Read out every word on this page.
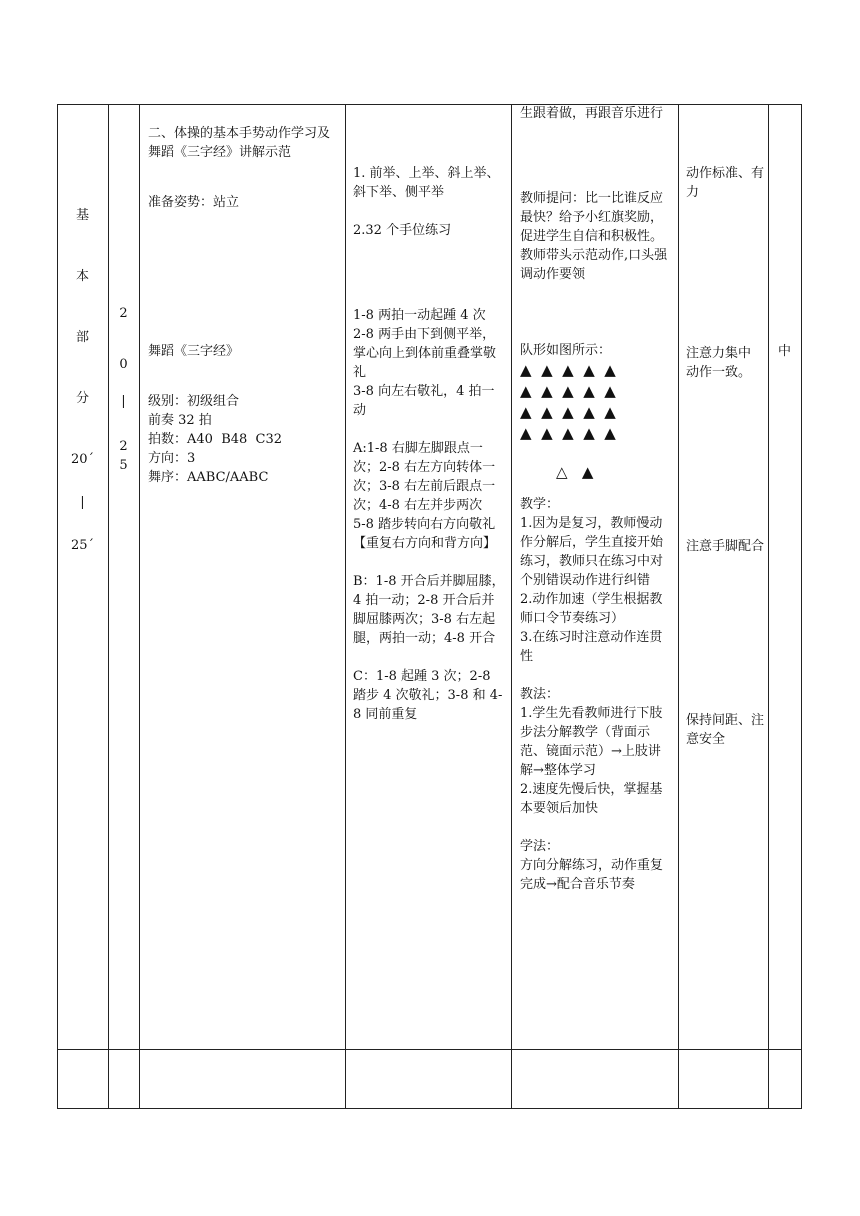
基

本

部

分

20´

|

25´

2

0

|

2

5

二、体操的基本手势动作学习及舞蹈《三字经》讲解示范

准备姿势：站立

舞蹈《三字经》

级别：初级组合

前奏 32 拍

拍数：A40  B48  C32

方向：3

舞序：AABC/AABC

1. 前举、上举、斜上举、斜下举、侧平举

2.32 个手位练习

1-8 两拍一动起踵 4 次
2-8 两手由下到侧平举，掌心向上到体前重叠掌敬礼
3-8 向左右敬礼，4 拍一动

A:1-8 右脚左脚跟点一次；2-8 右左方向转体一次；3-8 右左前后跟点一次；4-8 右左并步两次
5-8 踏步转向右方向敬礼【重复右方向和背方向】

B：1-8 开合后并脚屈膝，4 拍一动；2-8 开合后并脚屈膝两次；3-8 右左起腿，两拍一动；4-8 开合

C：1-8 起踵 3 次；2-8 踏步 4 次敬礼；3-8 和 4-8 同前重复

生跟着做，再跟音乐进行

教师提问：比一比谁反应最快？给予小红旗奖励，促进学生自信和积极性。
教师带头示范动作,口头强调动作要领

队形如图所示：

▲  ▲  ▲  ▲  ▲

▲  ▲  ▲  ▲  ▲

▲  ▲  ▲  ▲  ▲

▲  ▲  ▲  ▲  ▲

△   ▲

教学：
1.因为是复习，教师慢动作分解后，学生直接开始练习，教师只在练习中对个别错误动作进行纠错
2.动作加速（学生根据教师口令节奏练习）
3.在练习时注意动作连贯性

教法：
1.学生先看教师进行下肢步法分解教学（背面示范、镜面示范）→上肢讲解→整体学习
2.速度先慢后快，掌握基本要领后加快

学法：
方向分解练习，动作重复完成→配合音乐节奏

动作标准、有力

注意力集中
动作一致。

注意手脚配合

保持间距、注意安全

中
